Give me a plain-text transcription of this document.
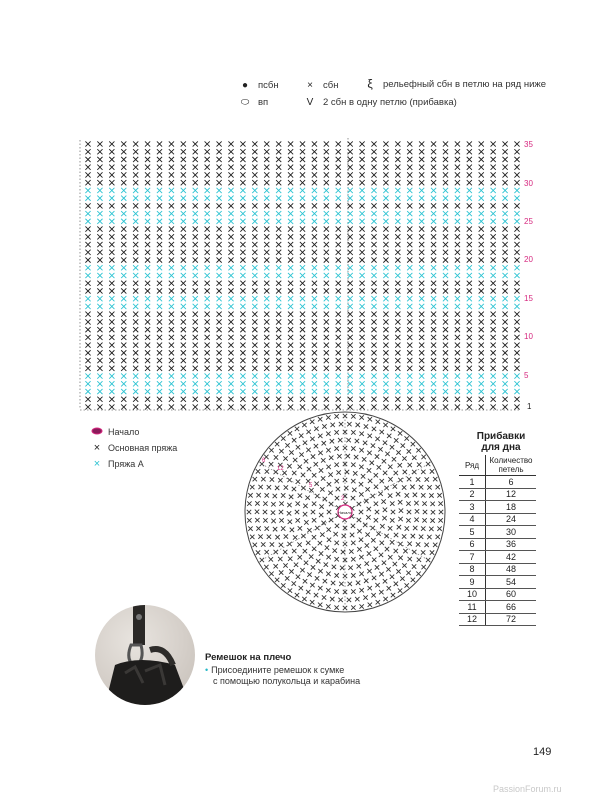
●	псбн	×	сбн	ξ	рельефный сбн в петлю на ряд ниже
⬭ вп	V	2 сбн в одну петлю (прибавка)
Начало
6
12
5
2
35
30
25
20
15
10
5
1
Начало
× Основная пряжа
× Пряжа А
Прибавки
для дна
Ряд	Количество
петель

1	6
2	12
3	18
4	24
5	30
6	36
7	42
8	48
9	54
10	60
11	66
12	72
Ремешок на плечо
• Присоедините ремешок к сумке
с помощью полукольца и карабина
149
PassionForum.ru
